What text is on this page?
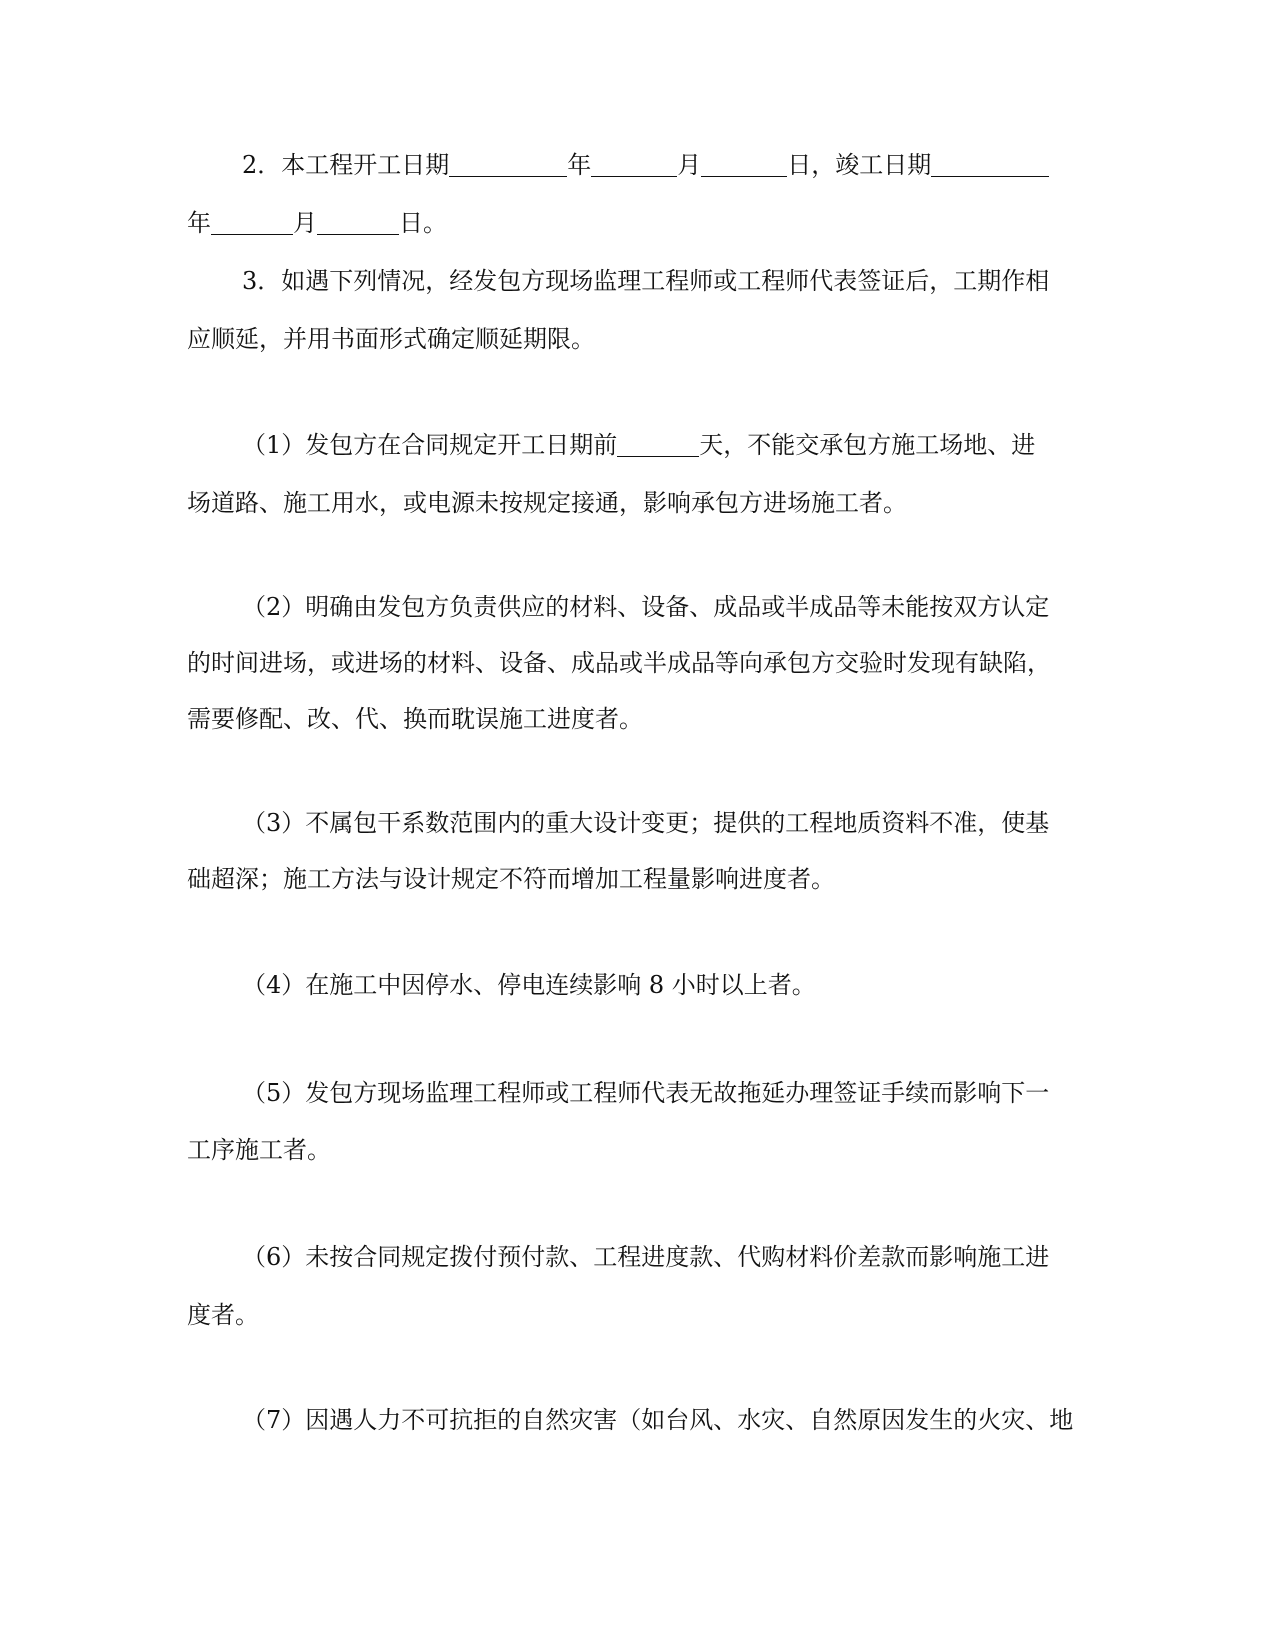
2．本工程开工日期	年	月	日，竣工日期
年	月	日。
3．如遇下列情况，经发包方现场监理工程师或工程师代表签证后，工期作相
应顺延，并用书面形式确定顺延期限。
（1）发包方在合同规定开工日期前	天，不能交承包方施工场地、进
场道路、施工用水，或电源未按规定接通，影响承包方进场施工者。
（2）明确由发包方负责供应的材料、设备、成品或半成品等未能按双方认定
的时间进场，或进场的材料、设备、成品或半成品等向承包方交验时发现有缺陷，
需要修配、改、代、换而耽误施工进度者。
（3）不属包干系数范围内的重大设计变更；提供的工程地质资料不准，使基
础超深；施工方法与设计规定不符而增加工程量影响进度者。
（4）在施工中因停水、停电连续影响 8 小时以上者。
（5）发包方现场监理工程师或工程师代表无故拖延办理签证手续而影响下一
工序施工者。
（6）未按合同规定拨付预付款、工程进度款、代购材料价差款而影响施工进
度者。
（7）因遇人力不可抗拒的自然灾害（如台风、水灾、自然原因发生的火灾、地
